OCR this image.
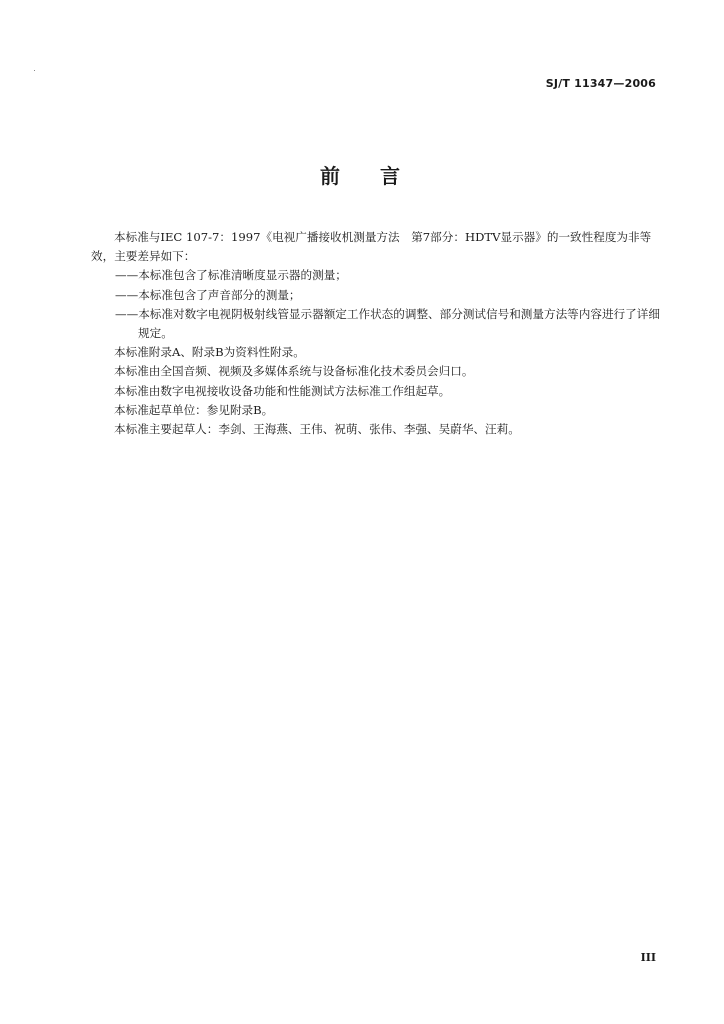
SJ/T 11347—2006
前言

本标准与IEC 107-7：1997《电视广播接收机测量方法　第7部分：HDTV显示器》的一致性程度为非等效，主要差异如下：

——本标准包含了标准清晰度显示器的测量；

——本标准包含了声音部分的测量；

——本标准对数字电视阴极射线管显示器额定工作状态的调整、部分测试信号和测量方法等内容进行了详细规定。

本标准附录A、附录B为资料性附录。

本标准由全国音频、视频及多媒体系统与设备标准化技术委员会归口。

本标准由数字电视接收设备功能和性能测试方法标准工作组起草。

本标准起草单位：参见附录B。

本标准主要起草人：李剑、王海燕、王伟、祝萌、张伟、李强、吴蔚华、汪莉。

III
